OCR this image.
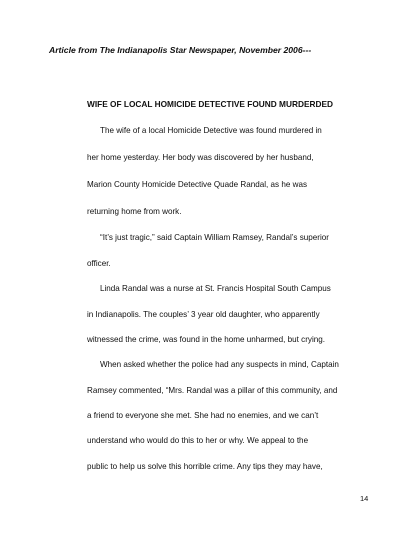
Article from The Indianapolis Star Newspaper, November 2006---
WIFE OF LOCAL HOMICIDE DETECTIVE FOUND MURDERDED
The wife of a local Homicide Detective was found murdered in
her home yesterday. Her body was discovered by her husband,
Marion County Homicide Detective Quade Randal, as he was
returning home from work.
“It’s just tragic,” said Captain William Ramsey, Randal’s superior
officer.
Linda Randal was a nurse at St. Francis Hospital South Campus
in Indianapolis. The couples’ 3 year old daughter, who apparently
witnessed the crime, was found in the home unharmed, but crying.
When asked whether the police had any suspects in mind, Captain
Ramsey commented, “Mrs. Randal was a pillar of this community, and
a friend to everyone she met. She had no enemies, and we can’t
understand who would do this to her or why. We appeal to the
public to help us solve this horrible crime. Any tips they may have,
14
